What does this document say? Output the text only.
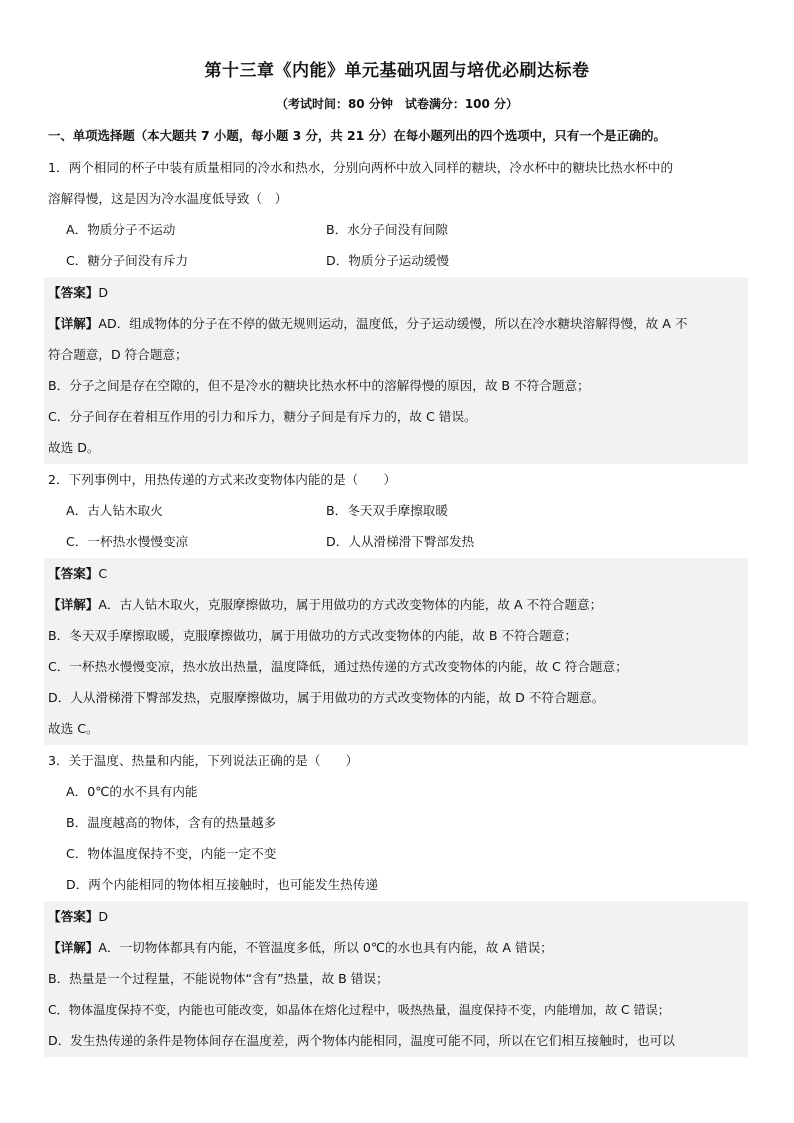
第十三章《内能》单元基础巩固与培优必刷达标卷
（考试时间：80 分钟　试卷满分：100 分）
一、单项选择题（本大题共 7 小题，每小题 3 分，共 21 分）在每小题列出的四个选项中，只有一个是正确的。
1．两个相同的杯子中装有质量相同的冷水和热水，分别向两杯中放入同样的糖块，冷水杯中的糖块比热水杯中的
溶解得慢，这是因为冷水温度低导致（　）
A．物质分子不运动	B．水分子间没有间隙
C．糖分子间没有斥力	D．物质分子运动缓慢
【答案】D
【详解】AD．组成物体的分子在不停的做无规则运动，温度低，分子运动缓慢，所以在冷水糖块溶解得慢，故 A 不
符合题意，D 符合题意；
B．分子之间是存在空隙的，但不是冷水的糖块比热水杯中的溶解得慢的原因，故 B 不符合题意；
C．分子间存在着相互作用的引力和斥力，糖分子间是有斥力的，故 C 错误。
故选 D。
2．下列事例中，用热传递的方式来改变物体内能的是（　　）
A．古人钻木取火	B．冬天双手摩擦取暖
C．一杯热水慢慢变凉	D．人从滑梯滑下臀部发热
【答案】C
【详解】A．古人钻木取火，克服摩擦做功，属于用做功的方式改变物体的内能，故 A 不符合题意；
B．冬天双手摩擦取暖，克服摩擦做功，属于用做功的方式改变物体的内能，故 B 不符合题意；
C．一杯热水慢慢变凉，热水放出热量，温度降低，通过热传递的方式改变物体的内能，故 C 符合题意；
D．人从滑梯滑下臀部发热，克服摩擦做功，属于用做功的方式改变物体的内能，故 D 不符合题意。
故选 C。
3．关于温度、热量和内能，下列说法正确的是（　　）
A．0℃的水不具有内能
B．温度越高的物体，含有的热量越多
C．物体温度保持不变，内能一定不变
D．两个内能相同的物体相互接触时，也可能发生热传递
【答案】D
【详解】A．一切物体都具有内能，不管温度多低，所以 0℃的水也具有内能，故 A 错误；
B．热量是一个过程量，不能说物体“含有”热量，故 B 错误；
C．物体温度保持不变，内能也可能改变，如晶体在熔化过程中，吸热热量，温度保持不变，内能增加，故 C 错误；
D．发生热传递的条件是物体间存在温度差，两个物体内能相同，温度可能不同，所以在它们相互接触时，也可以
